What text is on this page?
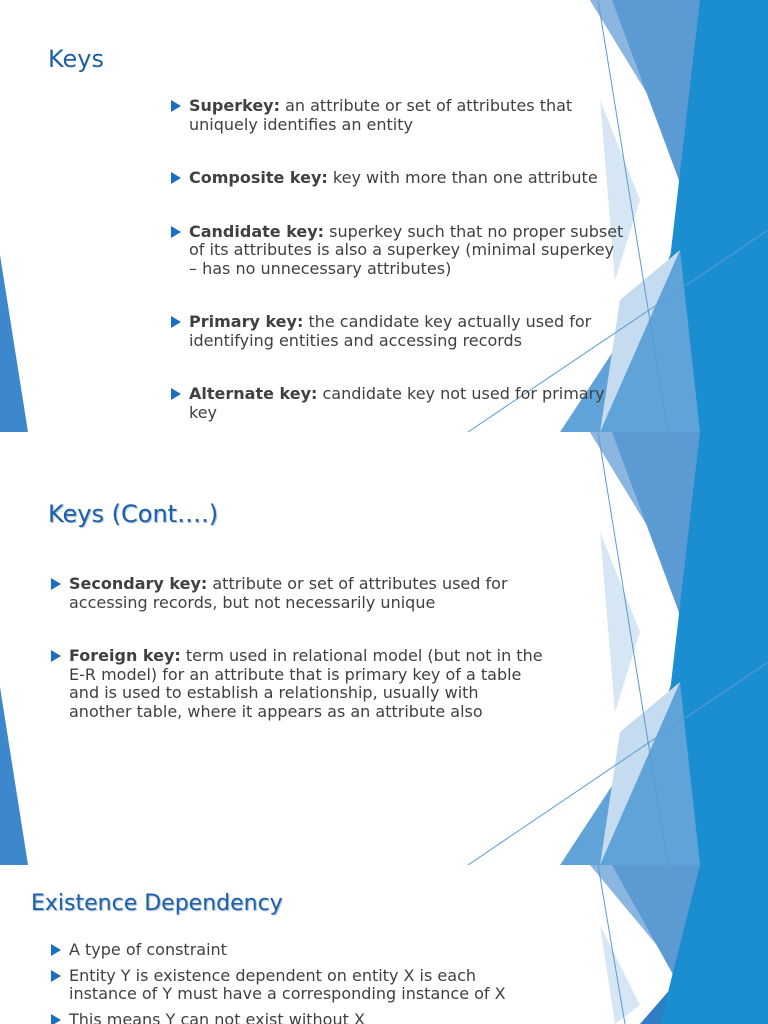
Keys
Superkey: an attribute or set of attributes that
uniquely identifies an entity
Composite key: key with more than one attribute
Candidate key: superkey such that no proper subset
of its attributes is also a superkey (minimal superkey
– has no unnecessary attributes)
Primary key: the candidate key actually used for
identifying entities and accessing records
Alternate key: candidate key not used for primary
key
Keys (Cont….)
Secondary key: attribute or set of attributes used for
accessing records, but not necessarily unique
Foreign key: term used in relational model (but not in the
E-R model) for an attribute that is primary key of a table
and is used to establish a relationship, usually with
another table, where it appears as an attribute also
Existence Dependency
A type of constraint
Entity Y is existence dependent on entity X is each
instance of Y must have a corresponding instance of X
This means Y can not exist without X
